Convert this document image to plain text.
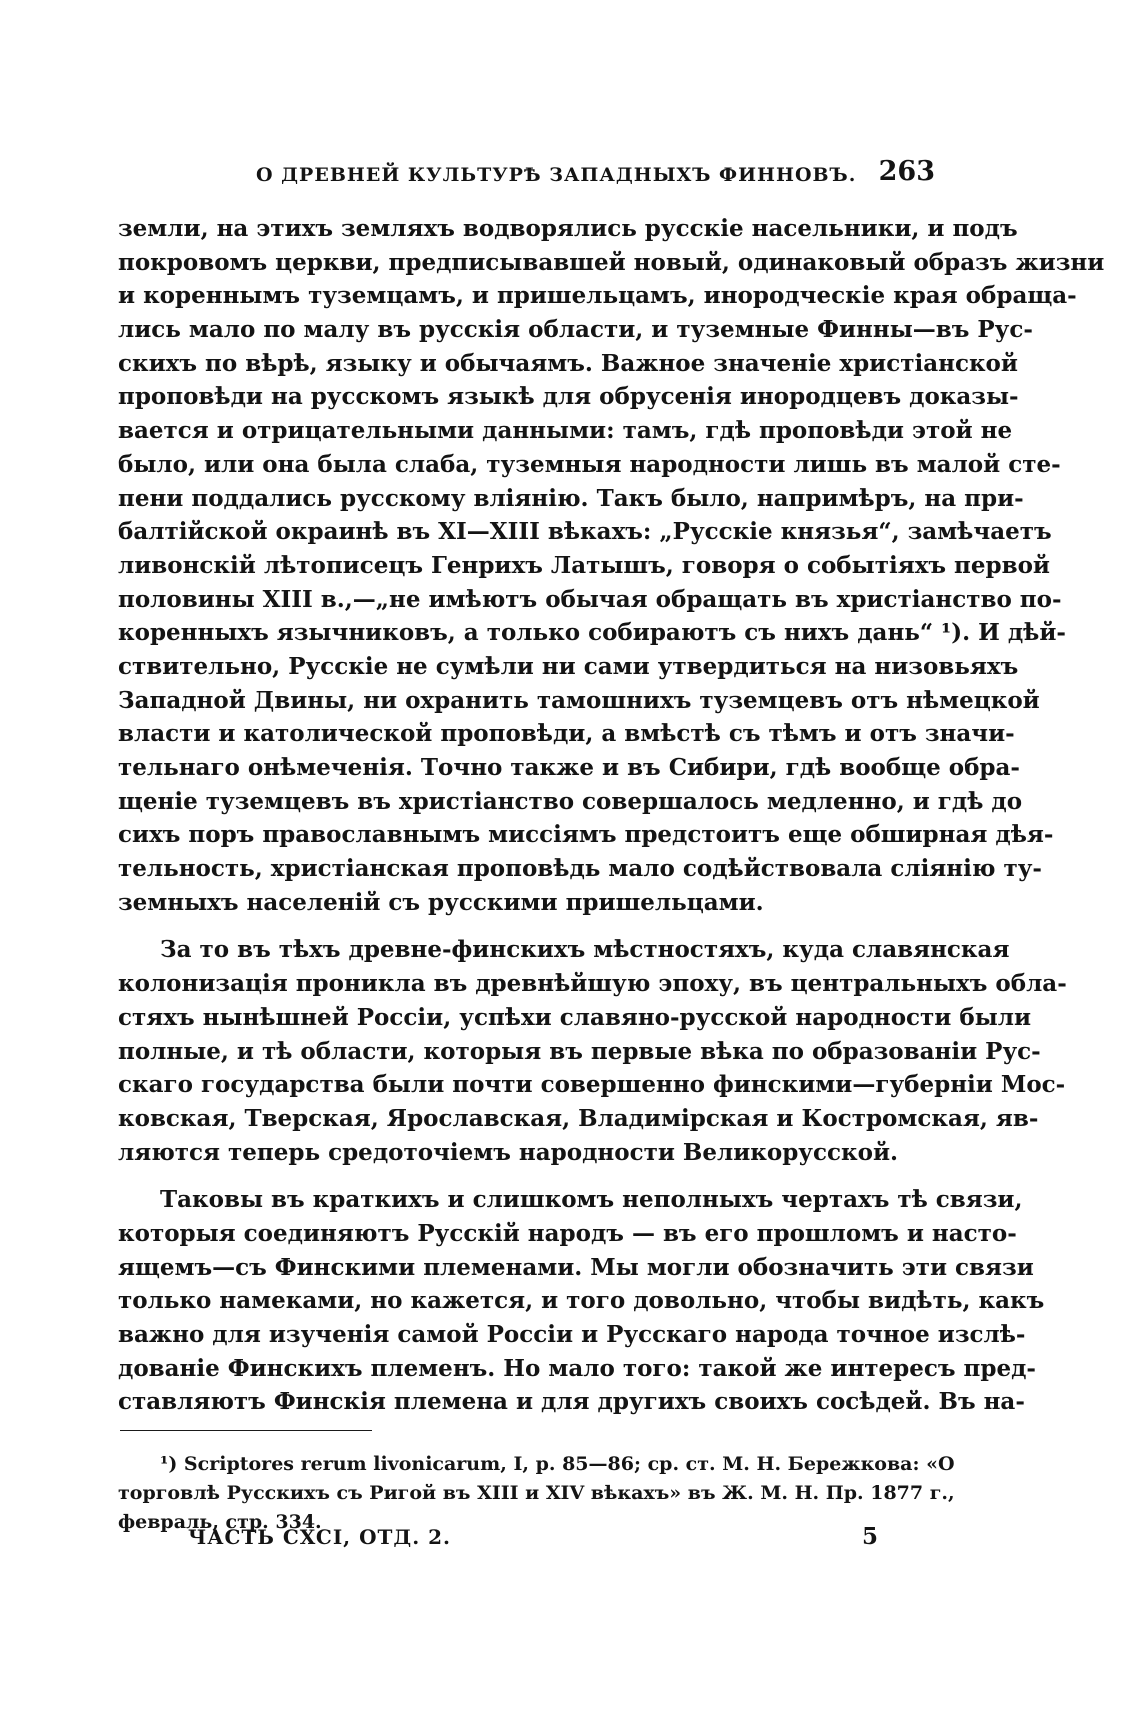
О ДРЕВНЕЙ КУЛЬТУРѢ ЗАПАДНЫХЪ ФИННОВЪ. 263
земли, на этихъ земляхъ водворялись русскіе насельники, и подъ
покровомъ церкви, предписывавшей новый, одинаковый образъ жизни
и кореннымъ туземцамъ, и пришельцамъ, инородческіе края обраща-
лись мало по малу въ русскія области, и туземные Финны—въ Рус-
скихъ по вѣрѣ, языку и обычаямъ. Важное значеніе христіанской
проповѣди на русскомъ языкѣ для обрусенія инородцевъ доказы-
вается и отрицательными данными: тамъ, гдѣ проповѣди этой не
было, или она была слаба, туземныя народности лишь въ малой сте-
пени поддались русскому вліянію. Такъ было, напримѣръ, на при-
балтійской окраинѣ въ XI—XIII вѣкахъ: „Русскіе князья“, замѣчаетъ
ливонскій лѣтописецъ Генрихъ Латышъ, говоря о событіяхъ первой
половины XIII в.,—„не имѣютъ обычая обращать въ христіанство по-
коренныхъ язычниковъ, а только собираютъ съ нихъ дань“ ¹). И дѣй-
ствительно, Русскіе не сумѣли ни сами утвердиться на низовьяхъ
Западной Двины, ни охранить тамошнихъ туземцевъ отъ нѣмецкой
власти и католической проповѣди, а вмѣстѣ съ тѣмъ и отъ значи-
тельнаго онѣмеченія. Точно также и въ Сибири, гдѣ вообще обра-
щеніе туземцевъ въ христіанство совершалось медленно, и гдѣ до
сихъ поръ православнымъ миссіямъ предстоитъ еще обширная дѣя-
тельность, христіанская проповѣдь мало содѣйствовала сліянію ту-
земныхъ населеній съ русскими пришельцами.
За то въ тѣхъ древне-финскихъ мѣстностяхъ, куда славянская
колонизація проникла въ древнѣйшую эпоху, въ центральныхъ обла-
стяхъ нынѣшней Россіи, успѣхи славяно-русской народности были
полные, и тѣ области, которыя въ первые вѣка по образованіи Рус-
скаго государства были почти совершенно финскими—губерніи Мос-
ковская, Тверская, Ярославская, Владимірская и Костромская, яв-
ляются теперь средоточіемъ народности Великорусской.
Таковы въ краткихъ и слишкомъ неполныхъ чертахъ тѣ связи,
которыя соединяютъ Русскій народъ — въ его прошломъ и насто-
ящемъ—съ Финскими племенами. Мы могли обозначить эти связи
только намеками, но кажется, и того довольно, чтобы видѣть, какъ
важно для изученія самой Россіи и Русскаго народа точное изслѣ-
дованіе Финскихъ племенъ. Но мало того: такой же интересъ пред-
ставляютъ Финскія племена и для другихъ своихъ сосѣдей. Въ на-
¹) Scriptores rerum livonicarum, I, p. 85—86; ср. ст. М. Н. Бережкова: «О
торговлѣ Русскихъ съ Ригой въ XIII и XIV вѣкахъ» въ Ж. М. Н. Пр. 1877 г.,
февраль, стр. 334.
ЧАСТЬ CXCI, ОТД. 2.	5
